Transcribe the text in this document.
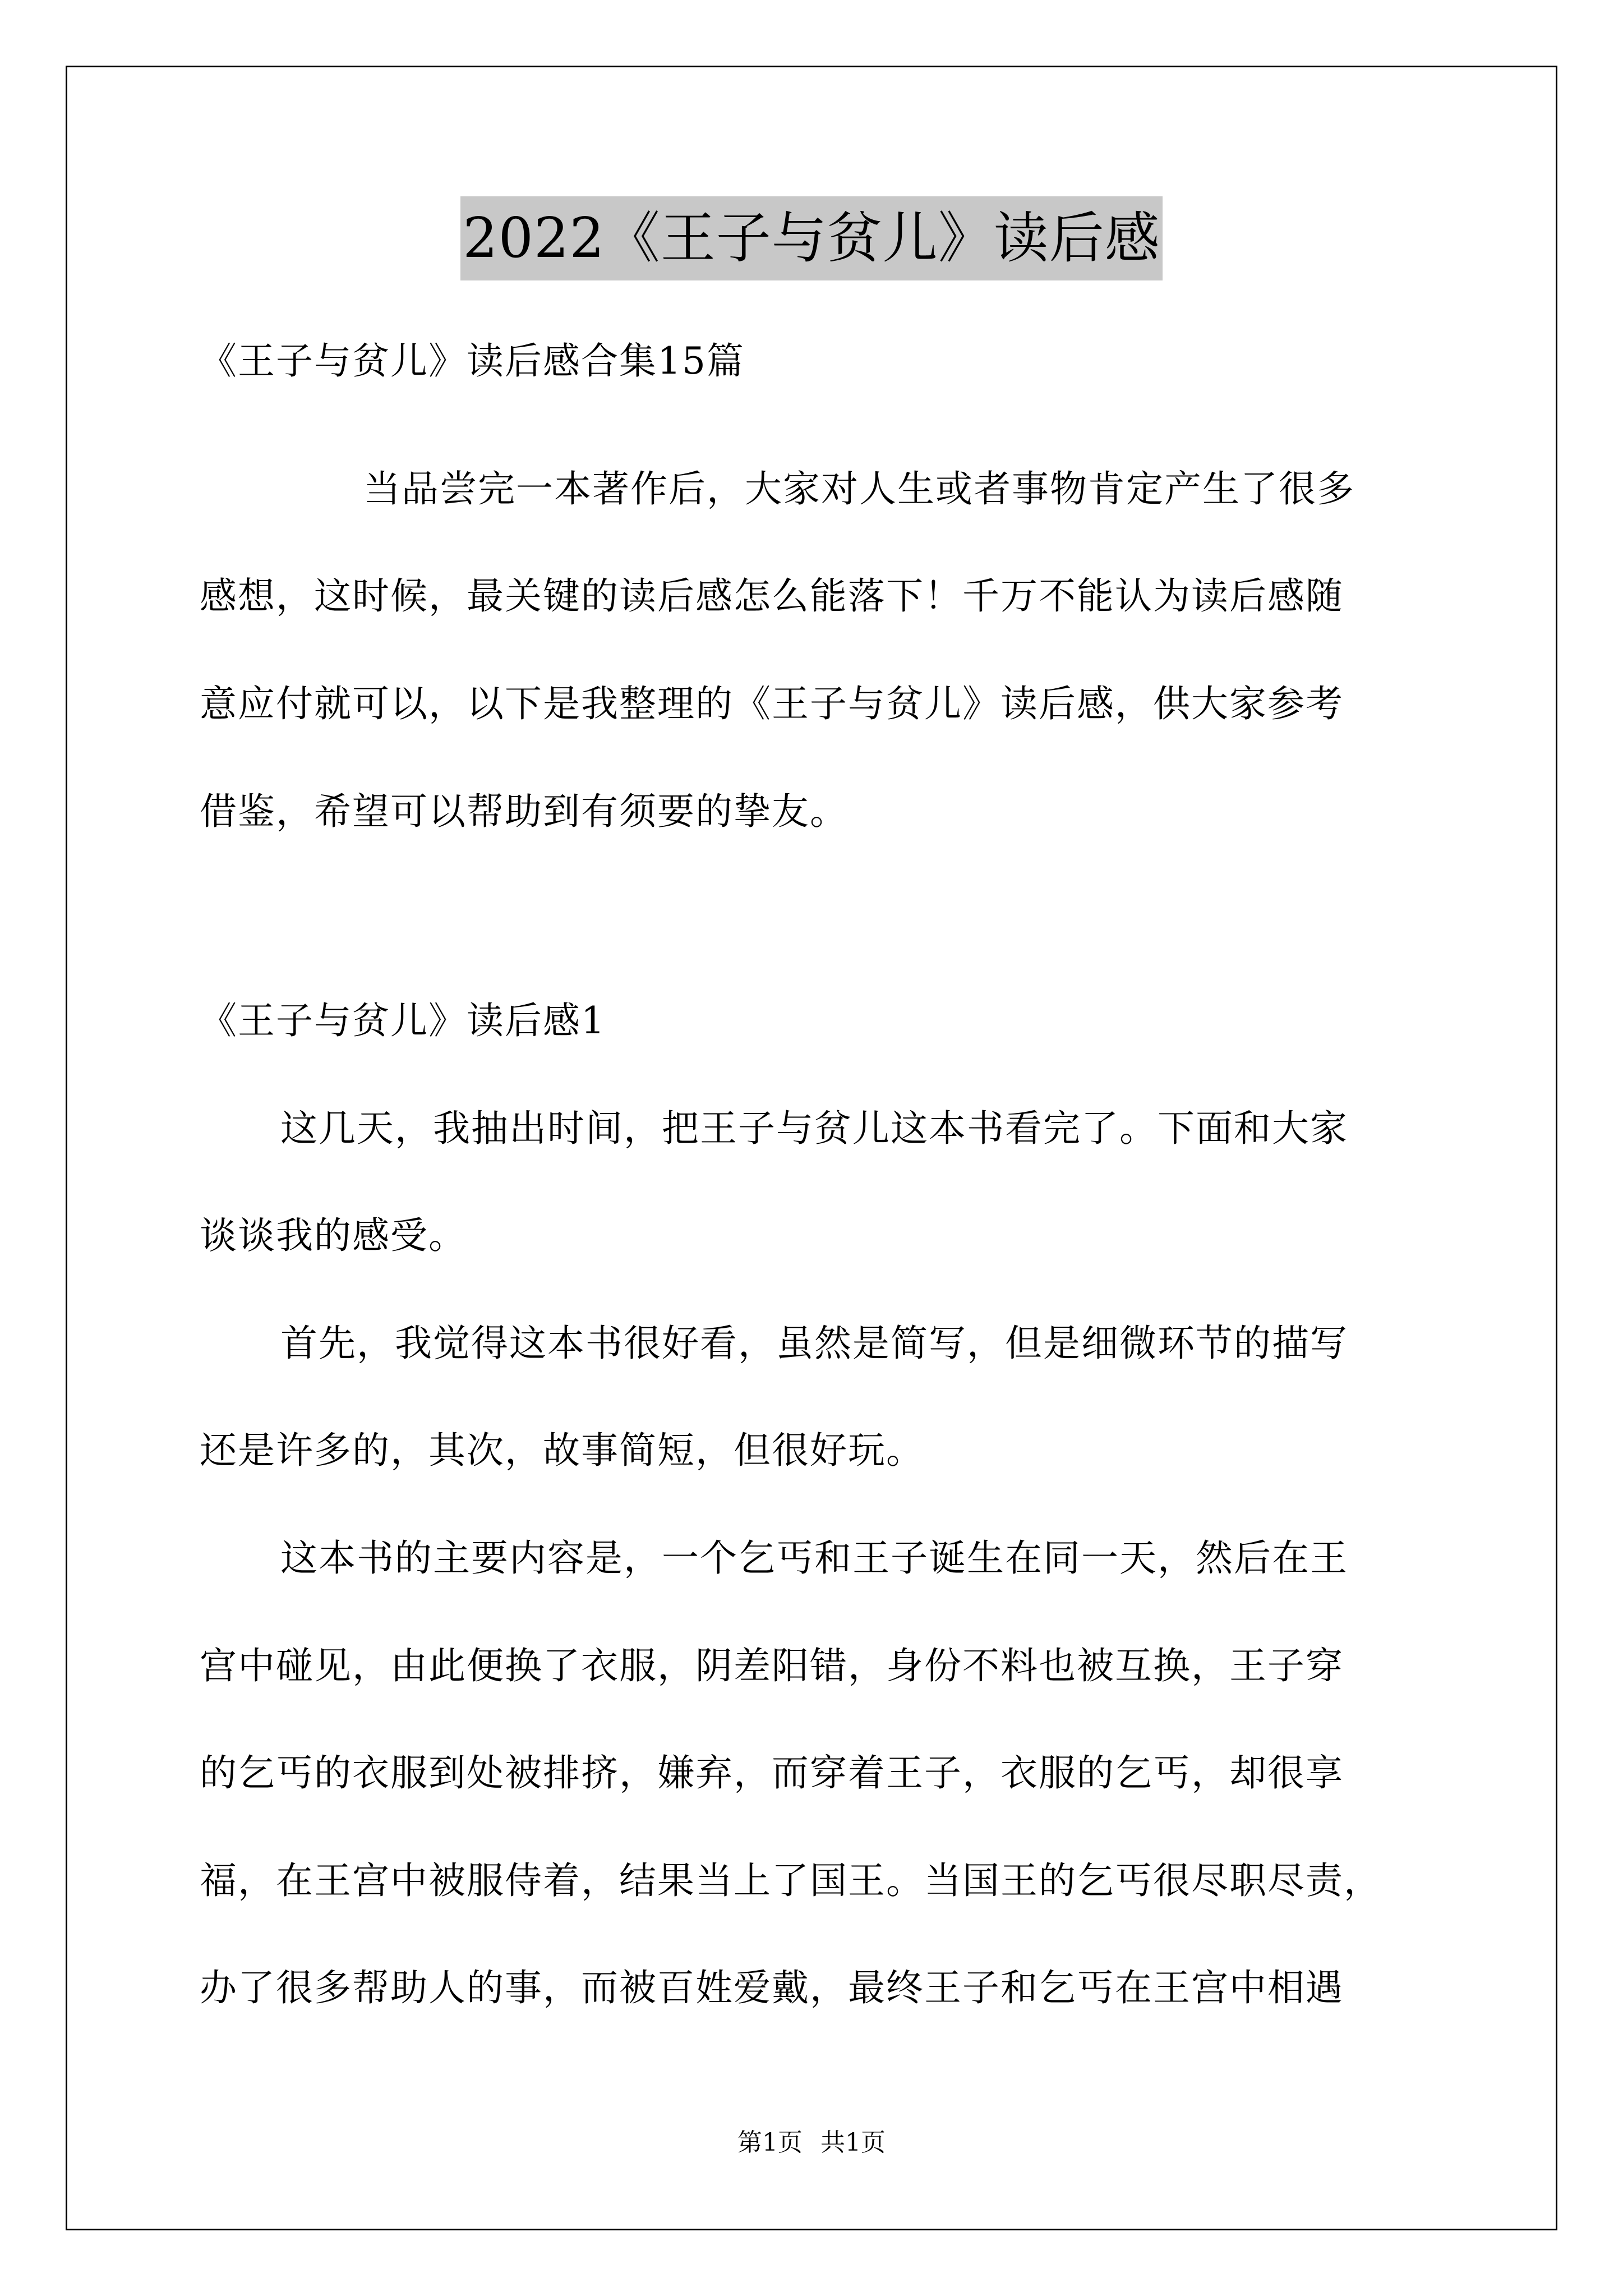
2022《王子与贫儿》读后感
《王子与贫儿》读后感合集15篇
当品尝完一本著作后，大家对人生或者事物肯定产生了很多
感想，这时候，最关键的读后感怎么能落下！千万不能认为读后感随
意应付就可以，以下是我整理的《王子与贫儿》读后感，供大家参考
借鉴，希望可以帮助到有须要的挚友。
《王子与贫儿》读后感1
这几天，我抽出时间，把王子与贫儿这本书看完了。下面和大家
谈谈我的感受。
首先，我觉得这本书很好看，虽然是简写，但是细微环节的描写
还是许多的，其次，故事简短，但很好玩。
这本书的主要内容是，一个乞丐和王子诞生在同一天，然后在王
宫中碰见，由此便换了衣服，阴差阳错，身份不料也被互换，王子穿
的乞丐的衣服到处被排挤，嫌弃，而穿着王子，衣服的乞丐，却很享
福，在王宫中被服侍着，结果当上了国王。当国王的乞丐很尽职尽责，
办了很多帮助人的事，而被百姓爱戴，最终王子和乞丐在王宫中相遇
第1页 共1页
